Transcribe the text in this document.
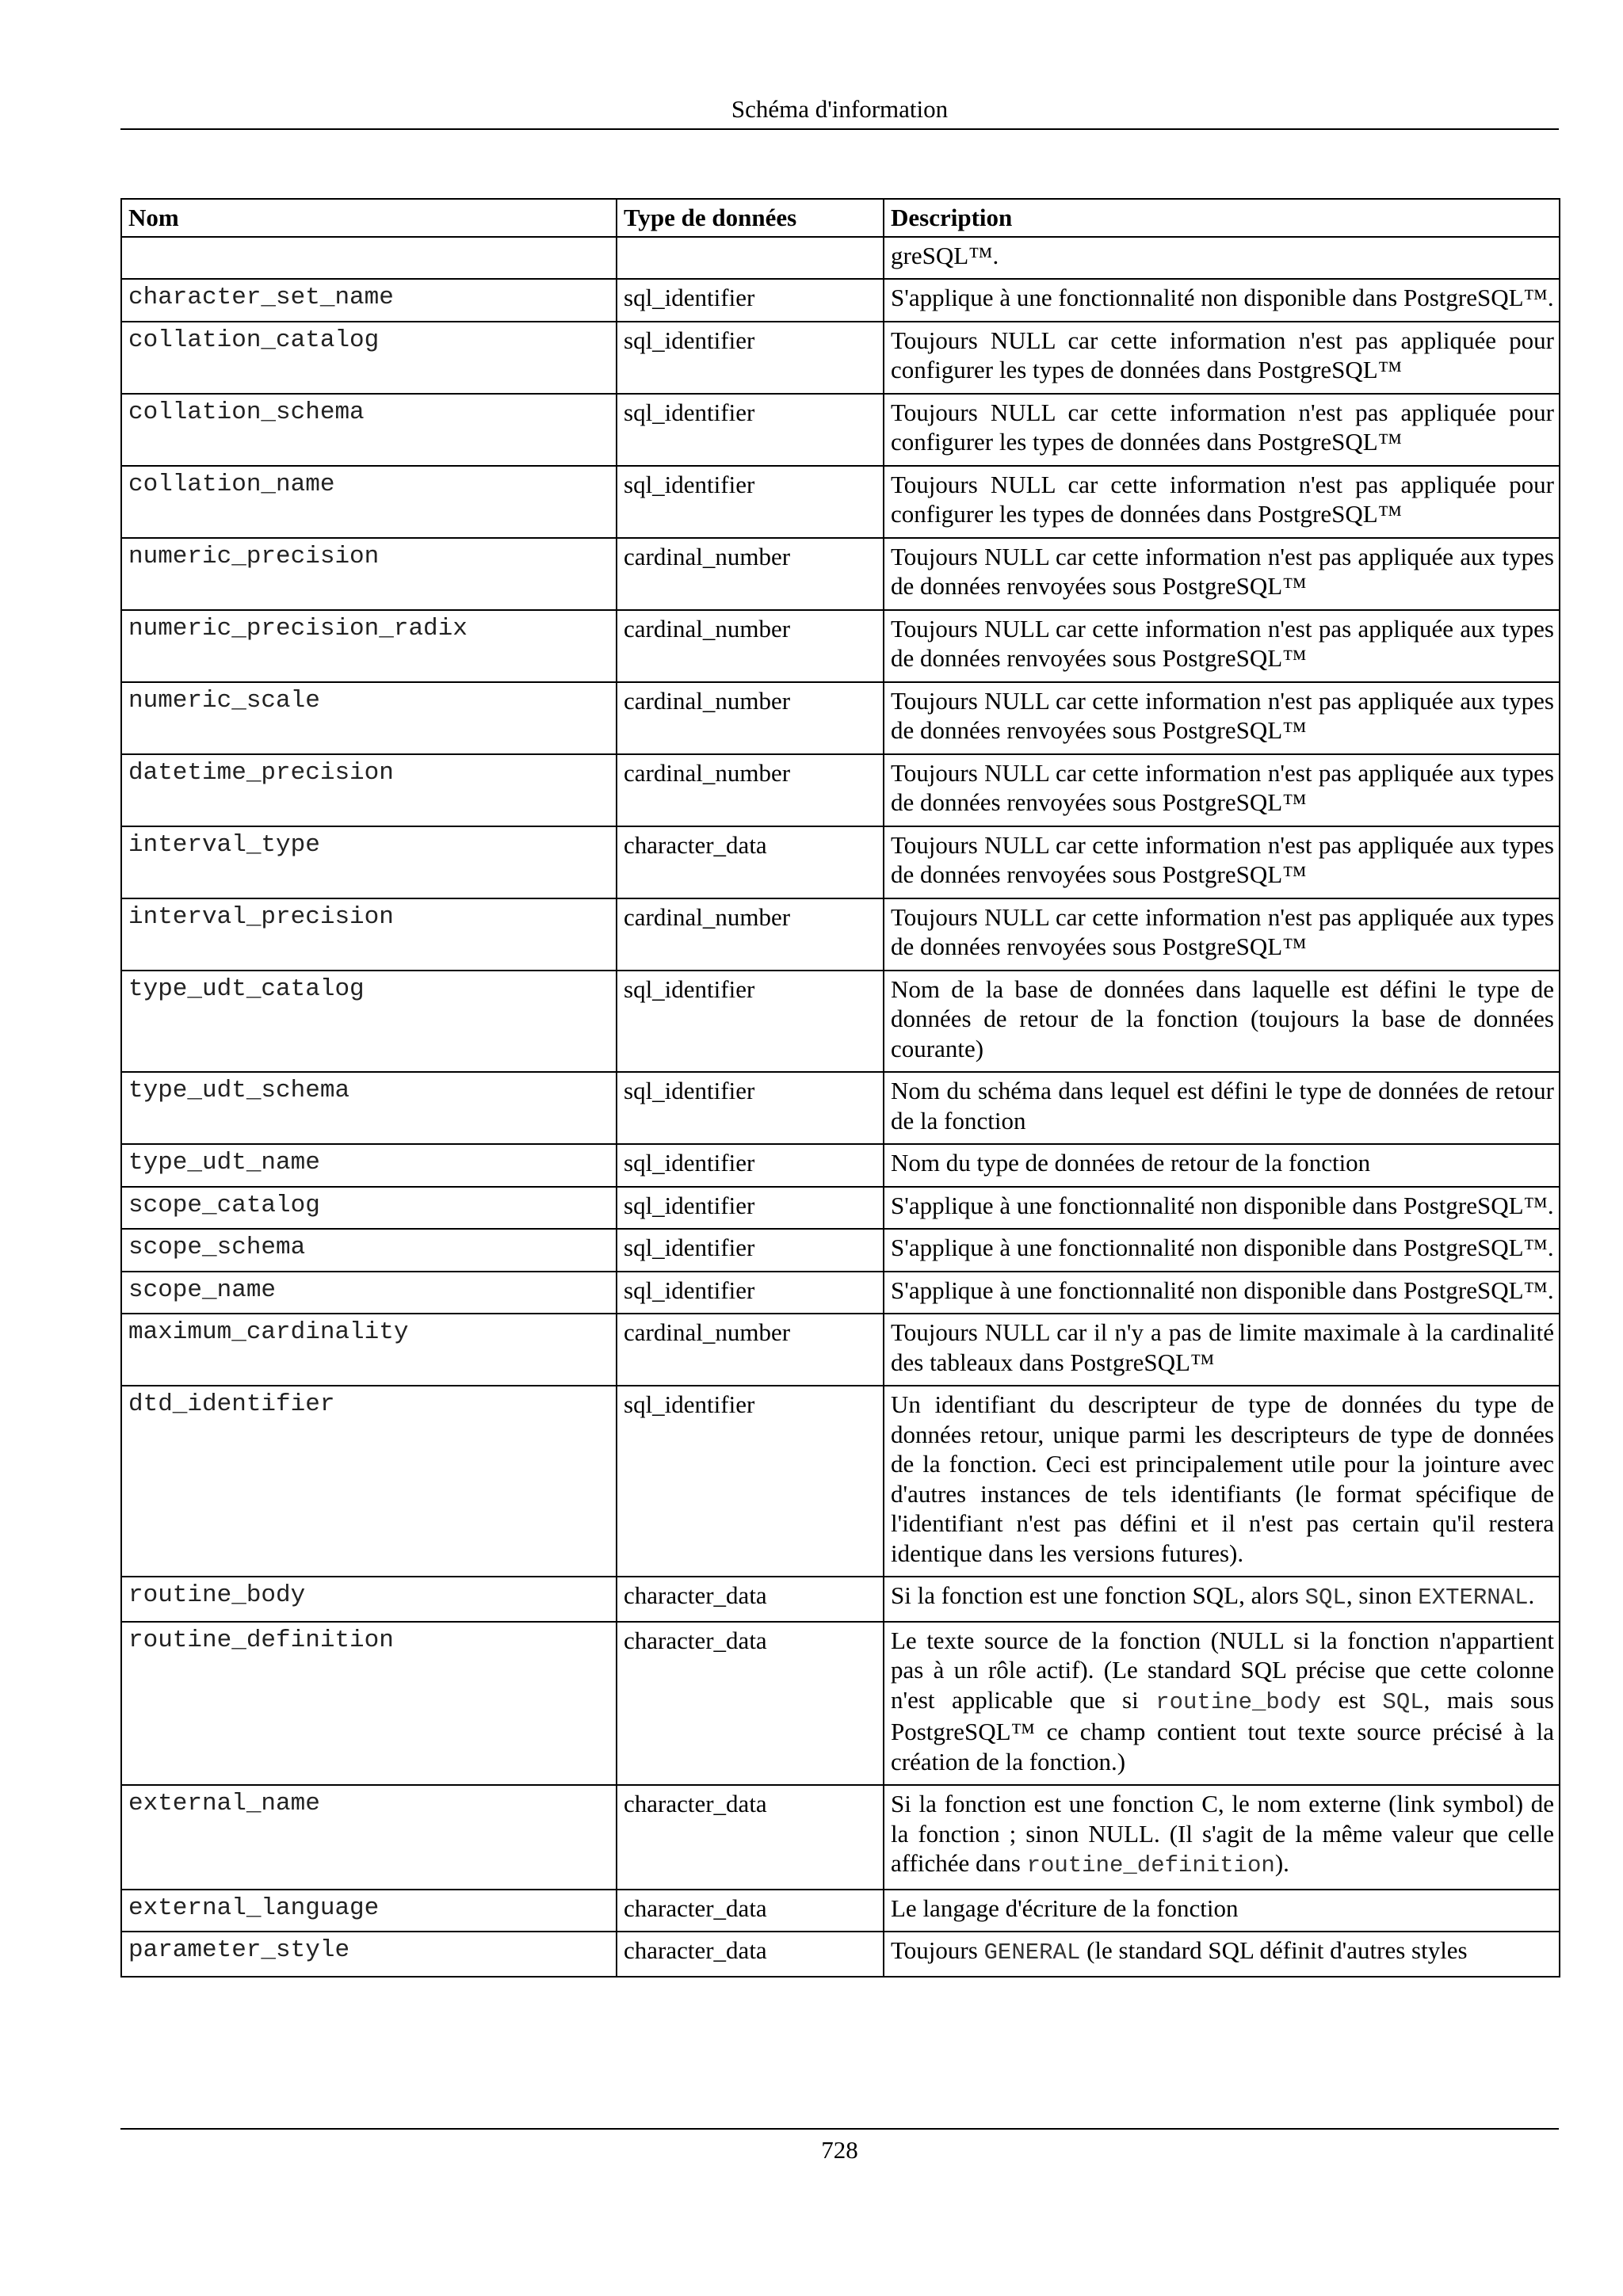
Schéma d'information
Nom	Type de données	Description
		greSQL™.
character_set_name	sql_identifier	S'applique à une fonctionnalité non disponible dans PostgreSQL™.
collation_catalog	sql_identifier	Toujours NULL car cette information n'est pas appliquée pour configurer les types de données dans PostgreSQL™
collation_schema	sql_identifier	Toujours NULL car cette information n'est pas appliquée pour configurer les types de données dans PostgreSQL™
collation_name	sql_identifier	Toujours NULL car cette information n'est pas appliquée pour configurer les types de données dans PostgreSQL™
numeric_precision	cardinal_number	Toujours NULL car cette information n'est pas appliquée aux types de données renvoyées sous PostgreSQL™
numeric_precision_radix	cardinal_number	Toujours NULL car cette information n'est pas appliquée aux types de données renvoyées sous PostgreSQL™
numeric_scale	cardinal_number	Toujours NULL car cette information n'est pas appliquée aux types de données renvoyées sous PostgreSQL™
datetime_precision	cardinal_number	Toujours NULL car cette information n'est pas appliquée aux types de données renvoyées sous PostgreSQL™
interval_type	character_data	Toujours NULL car cette information n'est pas appliquée aux types de données renvoyées sous PostgreSQL™
interval_precision	cardinal_number	Toujours NULL car cette information n'est pas appliquée aux types de données renvoyées sous PostgreSQL™
type_udt_catalog	sql_identifier	Nom de la base de données dans laquelle est défini le type de données de retour de la fonction (toujours la base de données courante)
type_udt_schema	sql_identifier	Nom du schéma dans lequel est défini le type de données de retour de la fonction
type_udt_name	sql_identifier	Nom du type de données de retour de la fonction
scope_catalog	sql_identifier	S'applique à une fonctionnalité non disponible dans PostgreSQL™.
scope_schema	sql_identifier	S'applique à une fonctionnalité non disponible dans PostgreSQL™.
scope_name	sql_identifier	S'applique à une fonctionnalité non disponible dans PostgreSQL™.
maximum_cardinality	cardinal_number	Toujours NULL car il n'y a pas de limite maximale à la cardinalité des tableaux dans PostgreSQL™
dtd_identifier	sql_identifier	Un identifiant du descripteur de type de données du type de données retour, unique parmi les descripteurs de type de données de la fonction. Ceci est principalement utile pour la jointure avec d'autres instances de tels identifiants (le format spécifique de l'identifiant n'est pas défini et il n'est pas certain qu'il restera identique dans les versions futures).
routine_body	character_data	Si la fonction est une fonction SQL, alors SQL, sinon EXTERNAL.
routine_definition	character_data	Le texte source de la fonction (NULL si la fonction n'appartient pas à un rôle actif). (Le standard SQL précise que cette colonne n'est applicable que si routine_body est SQL, mais sous PostgreSQL™ ce champ contient tout texte source précisé à la création de la fonction.)
external_name	character_data	Si la fonction est une fonction C, le nom externe (link symbol) de la fonction ; sinon NULL. (Il s'agit de la même valeur que celle affichée dans routine_definition).
external_language	character_data	Le langage d'écriture de la fonction
parameter_style	character_data	Toujours GENERAL (le standard SQL définit d'autres styles
728
